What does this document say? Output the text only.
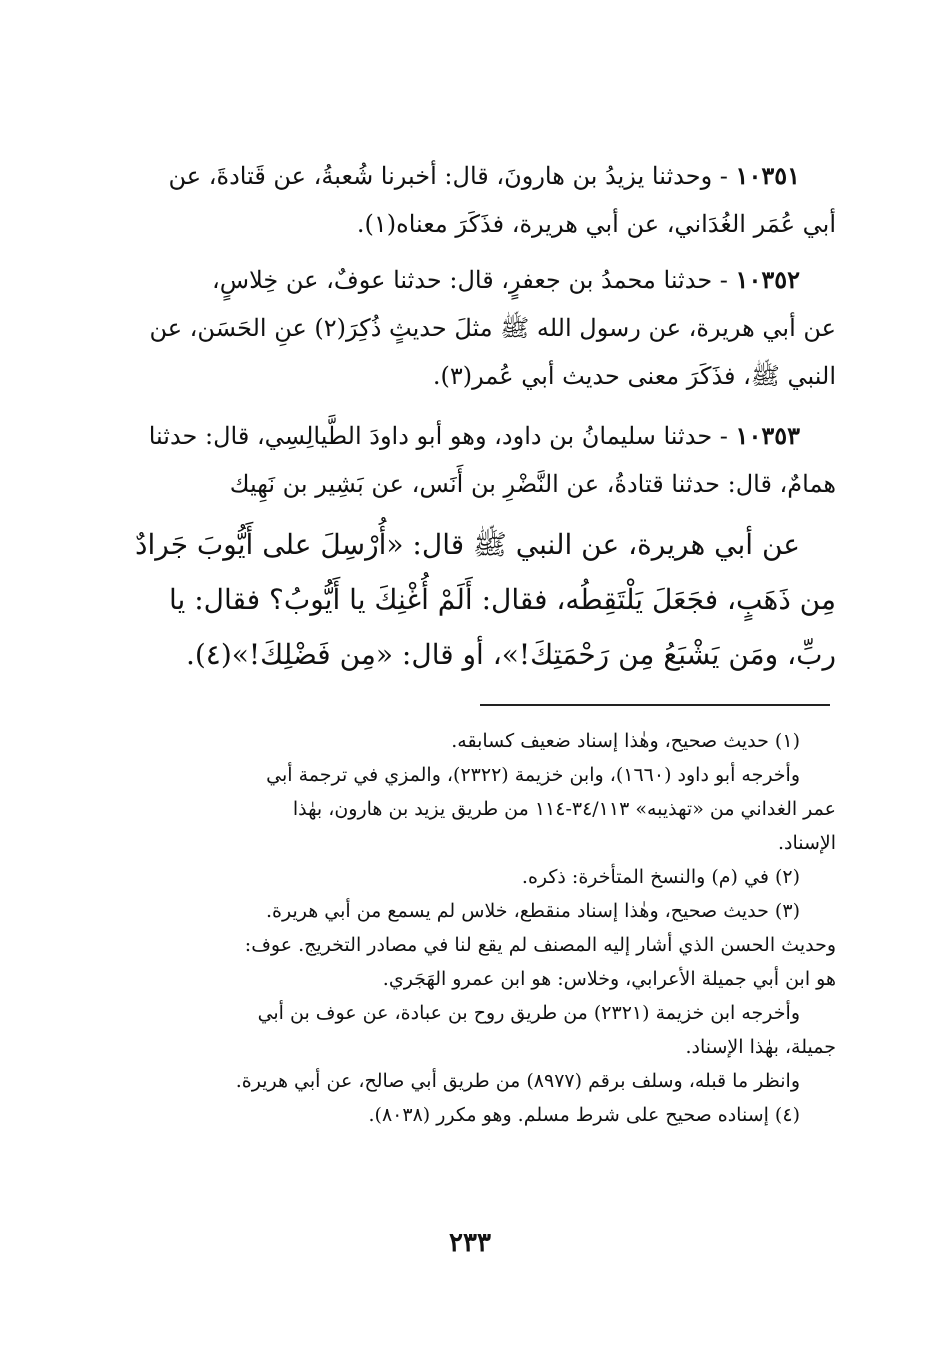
١٠٣٥١ - وحدثنا يزيدُ بن هارونَ، قال: أخبرنا شُعبةُ، عن قَتادةَ، عن
أبي عُمَر الغُدَاني، عن أبي هريرة، فذَكَرَ معناه(١).
١٠٣٥٢ - حدثنا محمدُ بن جعفرٍ، قال: حدثنا عوفٌ، عن خِلاسٍ،
عن أبي هريرة، عن رسول الله ﷺ مثلَ حديثٍ ذُكِرَ(٢) عنِ الحَسَن، عن
النبي ﷺ، فذَكَرَ معنى حديث أبي عُمر(٣).
١٠٣٥٣ - حدثنا سليمانُ بن داود، وهو أبو داودَ الطَّيالِسِي، قال: حدثنا
همامٌ، قال: حدثنا قتادةُ، عن النَّضْرِ بن أَنَس، عن بَشِير بن نَهِيك
عن أبي هريرة، عن النبي ﷺ قال: «أُرْسِلَ على أَيُّوبَ جَرادٌ
مِن ذَهَبٍ، فجَعَلَ يَلْتَقِطُه، فقال: أَلَمْ أُغْنِكَ يا أَيُّوبُ؟ فقال: يا
ربِّ، ومَن يَشْبَعُ مِن رَحْمَتِكَ!»، أو قال: «مِن فَضْلِكَ!»(٤).
(١) حديث صحيح، وهٰذا إسناد ضعيف كسابقه.
وأخرجه أبو داود (١٦٦٠)، وابن خزيمة (٢٣٢٢)، والمزي في ترجمة أبي
عمر الغداني من «تهذيبه» ٣٤/١١٣-١١٤ من طريق يزيد بن هارون، بهٰذا
الإسناد.
(٢) في (م) والنسخ المتأخرة: ذكره.
(٣) حديث صحيح، وهٰذا إسناد منقطع، خلاس لم يسمع من أبي هريرة.
وحديث الحسن الذي أشار إليه المصنف لم يقع لنا في مصادر التخريج. عوف:
هو ابن أبي جميلة الأعرابي، وخلاس: هو ابن عمرو الهَجَري.
وأخرجه ابن خزيمة (٢٣٢١) من طريق روح بن عبادة، عن عوف بن أبي
جميلة، بهٰذا الإسناد.
وانظر ما قبله، وسلف برقم (٨٩٧٧) من طريق أبي صالح، عن أبي هريرة.
(٤) إسناده صحيح على شرط مسلم. وهو مكرر (٨٠٣٨).
٢٣٣
